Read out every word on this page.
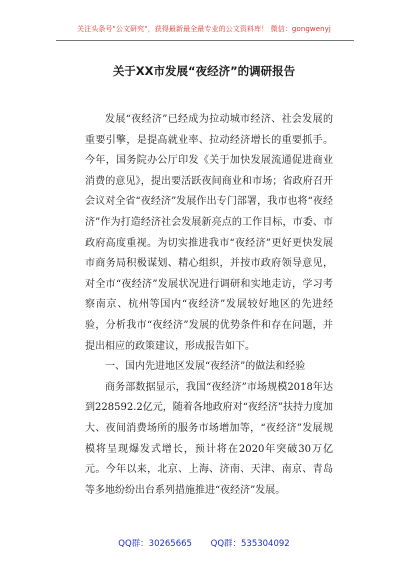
关注头条号"公文研究"，获得最新最全最专业的公文资料库！ 微信：gongwenyj
关于XX市发展“夜经济”的调研报告

发展“夜经济”已经成为拉动城市经济、社会发展的重要引擎，是提高就业率、拉动经济增长的重要抓手。今年，国务院办公厅印发《关于加快发展流通促进商业消费的意见》，提出要活跃夜间商业和市场；省政府召开会议对全省“夜经济”发展作出专门部署，我市也将“夜经济”作为打造经济社会发展新亮点的工作目标，市委、市政府高度重视。为切实推进我市“夜经济”更好更快发展市商务局积极谋划、精心组织，并按市政府领导意见，对全市“夜经济”发展状况进行调研和实地走访，学习考察南京、杭州等国内“夜经济”发展较好地区的先进经验，分析我市“夜经济”发展的优势条件和存在问题，并提出相应的政策建议，形成报告如下。

一、国内先进地区发展“夜经济”的做法和经验

商务部数据显示，我国“夜经济”市场规模2018年达到228592.2亿元，随着各地政府对“夜经济”扶持力度加大、夜间消费场所的服务市场增加等，“夜经济”发展规模将呈现爆发式增长，预计将在2020年突破30万亿元。今年以来，北京、上海、济南、天津、南京、青岛等多地纷纷出台系列措施推进“夜经济”发展。

QQ群：30265665 QQ群：535304092
